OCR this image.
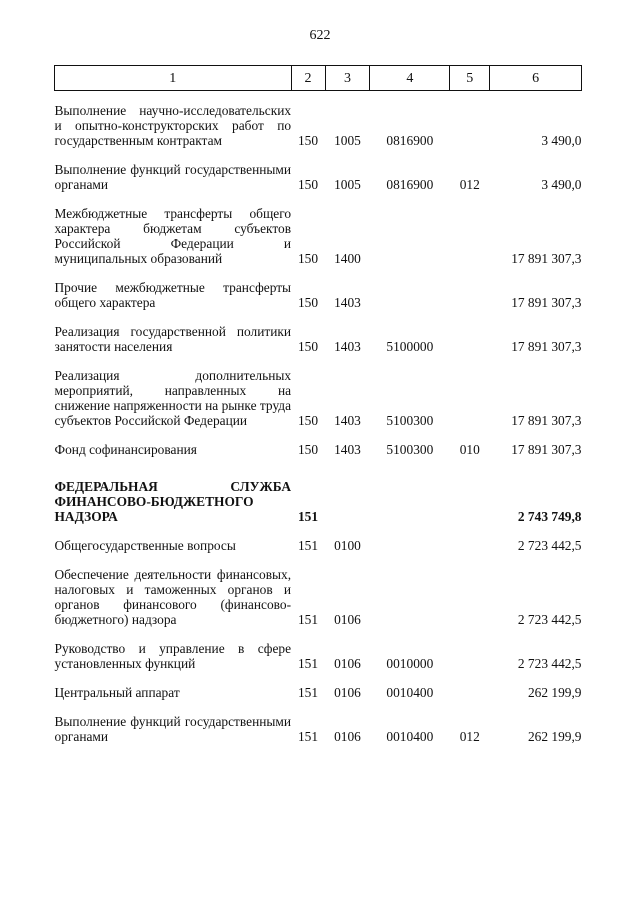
622
1	2	3	4	5	6
Выполнение научно-исследовательских и опытно-конструкторских работ по государственным контрактам	150	1005	0816900		3 490,0
Выполнение функций государственными органами	150	1005	0816900	012	3 490,0
Межбюджетные трансферты общего характера бюджетам субъектов Российской Федерации и муниципальных образований	150	1400			17 891 307,3
Прочие межбюджетные трансферты общего характера	150	1403			17 891 307,3
Реализация государственной политики занятости населения	150	1403	5100000		17 891 307,3
Реализация дополнительных мероприятий, направленных на снижение напряженности на рынке труда субъектов Российской Федерации	150	1403	5100300		17 891 307,3
Фонд софинансирования	150	1403	5100300	010	17 891 307,3
ФЕДЕРАЛЬНАЯ СЛУЖБА ФИНАНСОВО-БЮДЖЕТНОГО НАДЗОРА	151				2 743 749,8
Общегосударственные вопросы	151	0100			2 723 442,5
Обеспечение деятельности финансовых, налоговых и таможенных органов и органов финансового (финансово-бюджетного) надзора	151	0106			2 723 442,5
Руководство и управление в сфере установленных функций	151	0106	0010000		2 723 442,5
Центральный аппарат	151	0106	0010400		262 199,9
Выполнение функций государственными органами	151	0106	0010400	012	262 199,9
